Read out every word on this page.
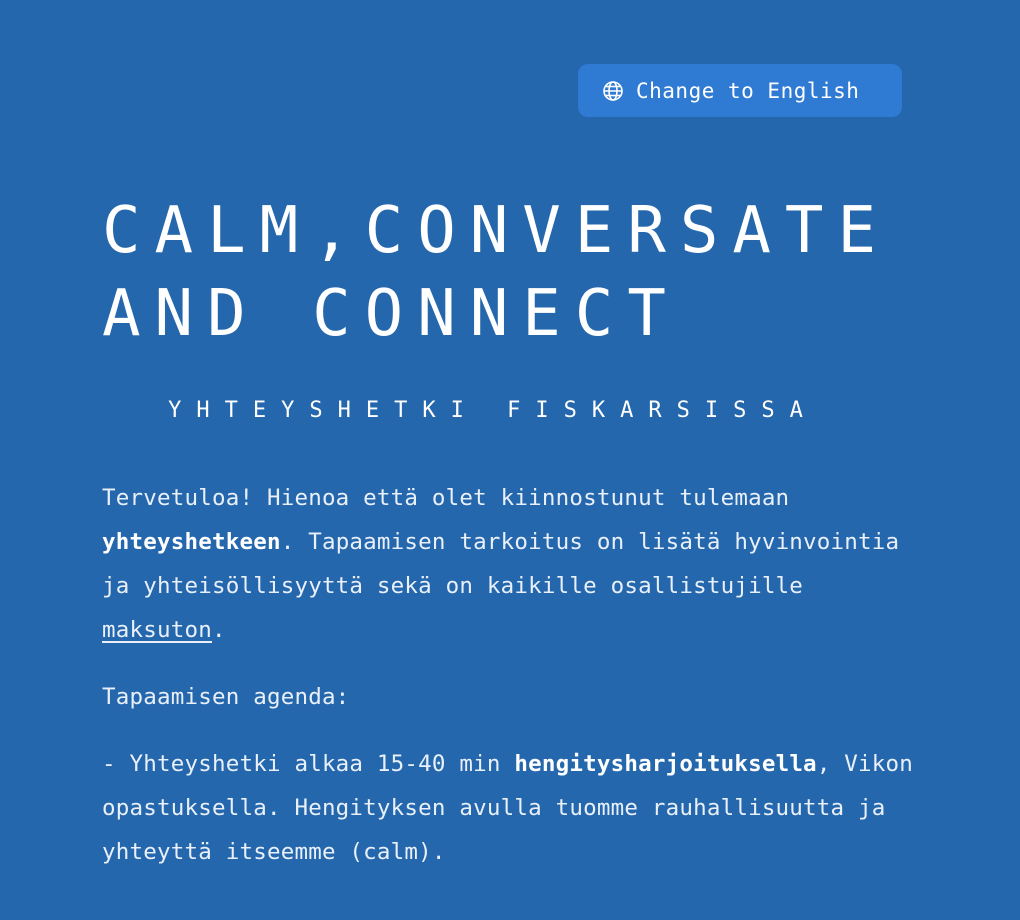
Change to English
CALM,CONVERSATE
AND CONNECT

YHTEYSHETKI FISKARSISSA

Tervetuloa! Hienoa että olet kiinnostunut tulemaan yhteyshetkeen. Tapaamisen tarkoitus on lisätä hyvinvointia ja yhteisöllisyyttä sekä on kaikille osallistujille maksuton.

Tapaamisen agenda:

- Yhteyshetki alkaa 15-40 min hengitysharjoituksella, Vikon opastuksella. Hengityksen avulla tuomme rauhallisuutta ja yhteyttä itseemme (calm).
